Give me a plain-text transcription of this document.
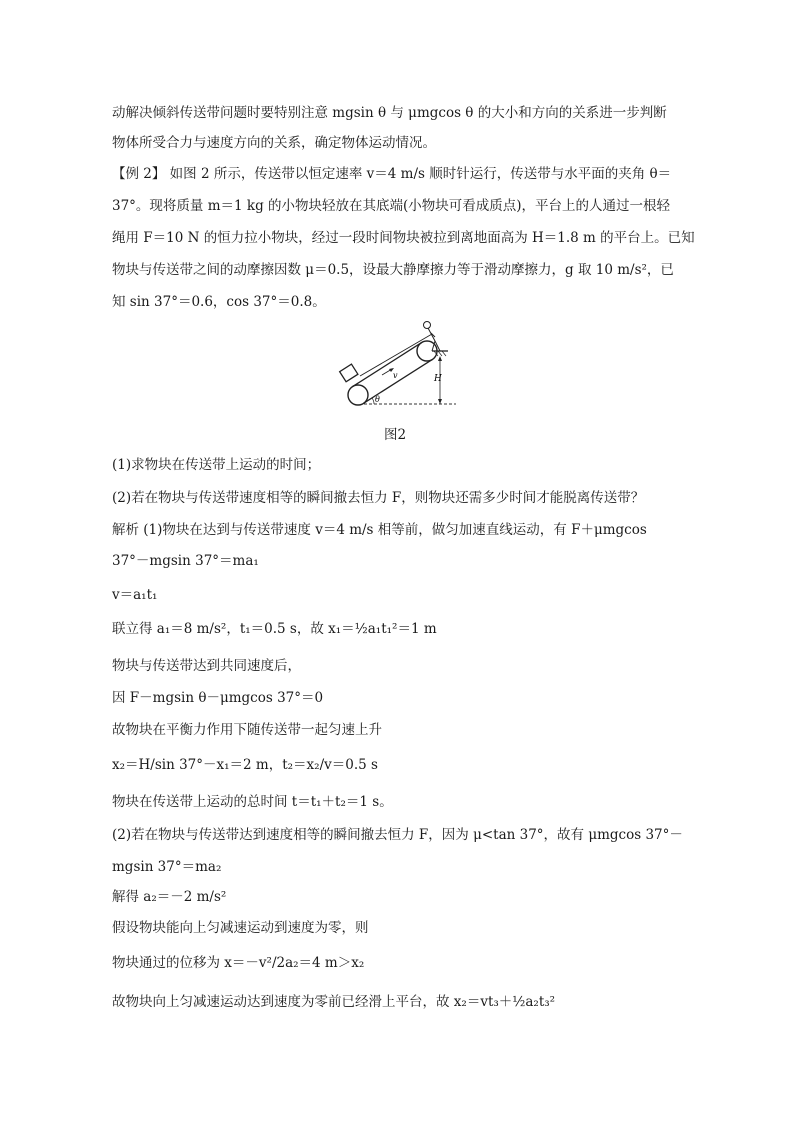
动解决倾斜传送带问题时要特别注意 mgsin θ 与 μmgcos θ 的大小和方向的关系进一步判断
物体所受合力与速度方向的关系，确定物体运动情况。
【例 2】 如图 2 所示，传送带以恒定速率 v＝4 m/s 顺时针运行，传送带与水平面的夹角 θ＝
37°。现将质量 m＝1 kg 的小物块轻放在其底端(小物块可看成质点)，平台上的人通过一根轻
绳用 F＝10 N 的恒力拉小物块，经过一段时间物块被拉到离地面高为 H＝1.8 m 的平台上。已知
物块与传送带之间的动摩擦因数 μ＝0.5，设最大静摩擦力等于滑动摩擦力，g 取 10 m/s²，已
知 sin 37°＝0.6，cos 37°＝0.8。
(1)求物块在传送带上运动的时间；
(2)若在物块与传送带速度相等的瞬间撤去恒力 F，则物块还需多少时间才能脱离传送带？
解析 (1)物块在达到与传送带速度 v＝4 m/s 相等前，做匀加速直线运动，有 F＋μmgcos
37°－mgsin 37°＝ma₁
v＝a₁t₁
联立得 a₁＝8 m/s²，t₁＝0.5 s，故 x₁＝½a₁t₁²＝1 m
物块与传送带达到共同速度后，
因 F－mgsin θ－μmgcos 37°＝0
故物块在平衡力作用下随传送带一起匀速上升
x₂＝H/sin 37°－x₁＝2 m，t₂＝x₂/v＝0.5 s
物块在传送带上运动的总时间 t＝t₁＋t₂＝1 s。
(2)若在物块与传送带达到速度相等的瞬间撤去恒力 F，因为 μ<tan 37°，故有 μmgcos 37°－
mgsin 37°＝ma₂
解得 a₂＝－2 m/s²
假设物块能向上匀减速运动到速度为零，则
物块通过的位移为 x＝－v²/2a₂＝4 m＞x₂
故物块向上匀减速运动达到速度为零前已经滑上平台，故 x₂＝vt₃＋½a₂t₃²
v	H
θ
图2
